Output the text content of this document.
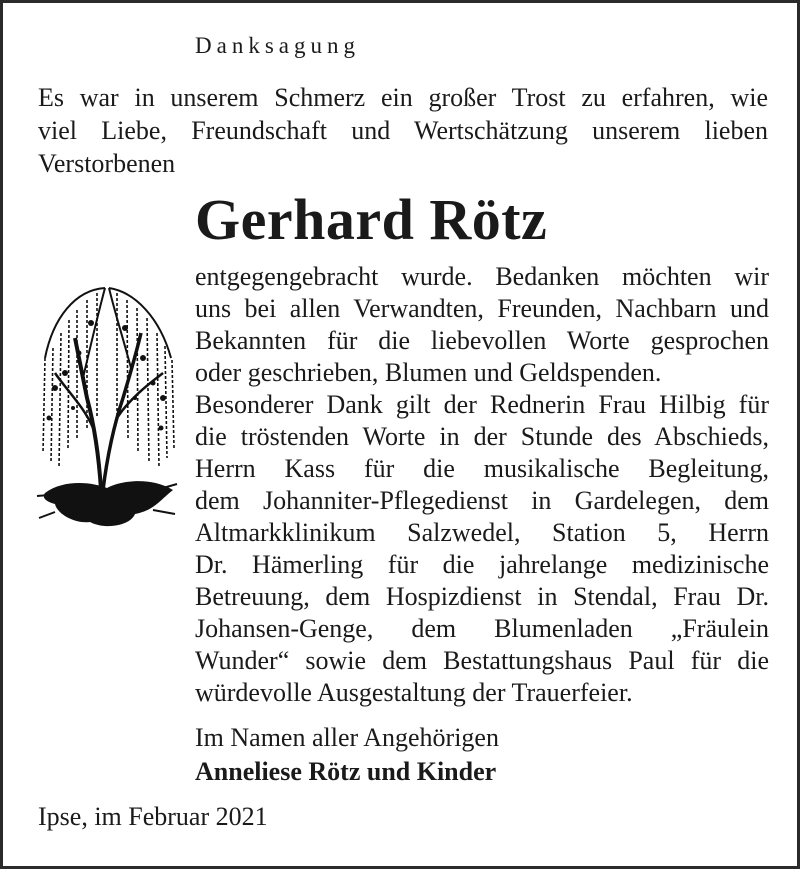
Danksagung
Es war in unserem Schmerz ein großer Trost zu erfahren, wie
viel Liebe, Freundschaft und Wertschätzung unserem lieben
Verstorbenen
Gerhard Rötz
entgegengebracht wurde. Bedanken möchten wir
uns bei allen Verwandten, Freunden, Nachbarn und
Bekannten für die liebevollen Worte gesprochen
oder geschrieben, Blumen und Geldspenden.
Besonderer Dank gilt der Rednerin Frau Hilbig für
die tröstenden Worte in der Stunde des Abschieds,
Herrn Kass für die musikalische Begleitung,
dem Johanniter-Pflegedienst in Gardelegen, dem
Altmarkklinikum Salzwedel, Station 5, Herrn
Dr. Hämerling für die jahrelange medizinische
Betreuung, dem Hospizdienst in Stendal, Frau Dr.
Johansen-Genge, dem Blumenladen „Fräulein
Wunder“ sowie dem Bestattungshaus Paul für die
würdevolle Ausgestaltung der Trauerfeier.
Im Namen aller Angehörigen
Anneliese Rötz und Kinder
Ipse, im Februar 2021
